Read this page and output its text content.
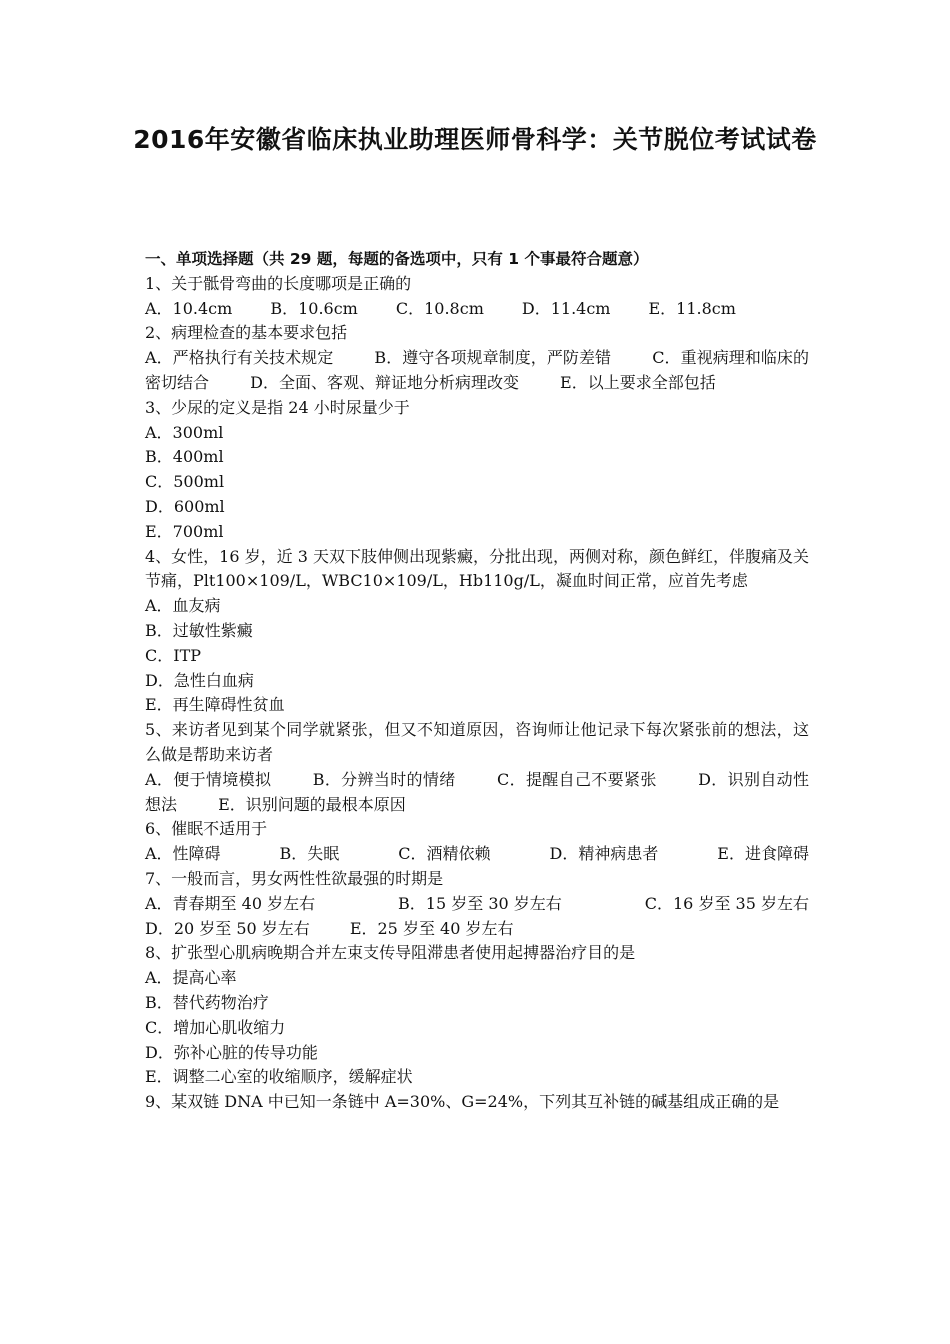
2016年安徽省临床执业助理医师骨科学：关节脱位考试试卷
一、单项选择题（共 29 题，每题的备选项中，只有 1 个事最符合题意）
1、关于骶骨弯曲的长度哪项是正确的
A．10.4cm B．10.6cm C．10.8cm D．11.4cm E．11.8cm
2、病理检查的基本要求包括
A．严格执行有关技术规定	B．遵守各项规章制度，严防差错	C．重视病理和临床的密切结合	D．全面、客观、辩证地分析病理改变	E．以上要求全部包括
3、少尿的定义是指 24 小时尿量少于
A．300ml
B．400ml
C．500ml
D．600ml
E．700ml
4、女性，16 岁，近 3 天双下肢伸侧出现紫癜，分批出现，两侧对称，颜色鲜红，伴腹痛及关节痛，Plt100×109/L，WBC10×109/L，Hb110g/L，凝血时间正常，应首先考虑
A．血友病
B．过敏性紫癜
C．ITP
D．急性白血病
E．再生障碍性贫血
5、来访者见到某个同学就紧张，但又不知道原因，咨询师让他记录下每次紧张前的想法，这么做是帮助来访者
A．便于情境模拟	B．分辨当时的情绪	C．提醒自己不要紧张	D．识别自动性想法	E．识别问题的最根本原因
6、催眠不适用于
A．性障碍	B．失眠	C．酒精依赖	D．精神病患者	E．进食障碍
7、一般而言，男女两性性欲最强的时期是
A．青春期至 40 岁左右	B．15 岁至 30 岁左右	C．16 岁至 35 岁左右
D．20 岁至 50 岁左右	E．25 岁至 40 岁左右
8、扩张型心肌病晚期合并左束支传导阻滞患者使用起搏器治疗目的是
A．提高心率
B．替代药物治疗
C．增加心肌收缩力
D．弥补心脏的传导功能
E．调整二心室的收缩顺序，缓解症状
9、某双链 DNA 中已知一条链中 A=30%、G=24%，下列其互补链的碱基组成正确的是
